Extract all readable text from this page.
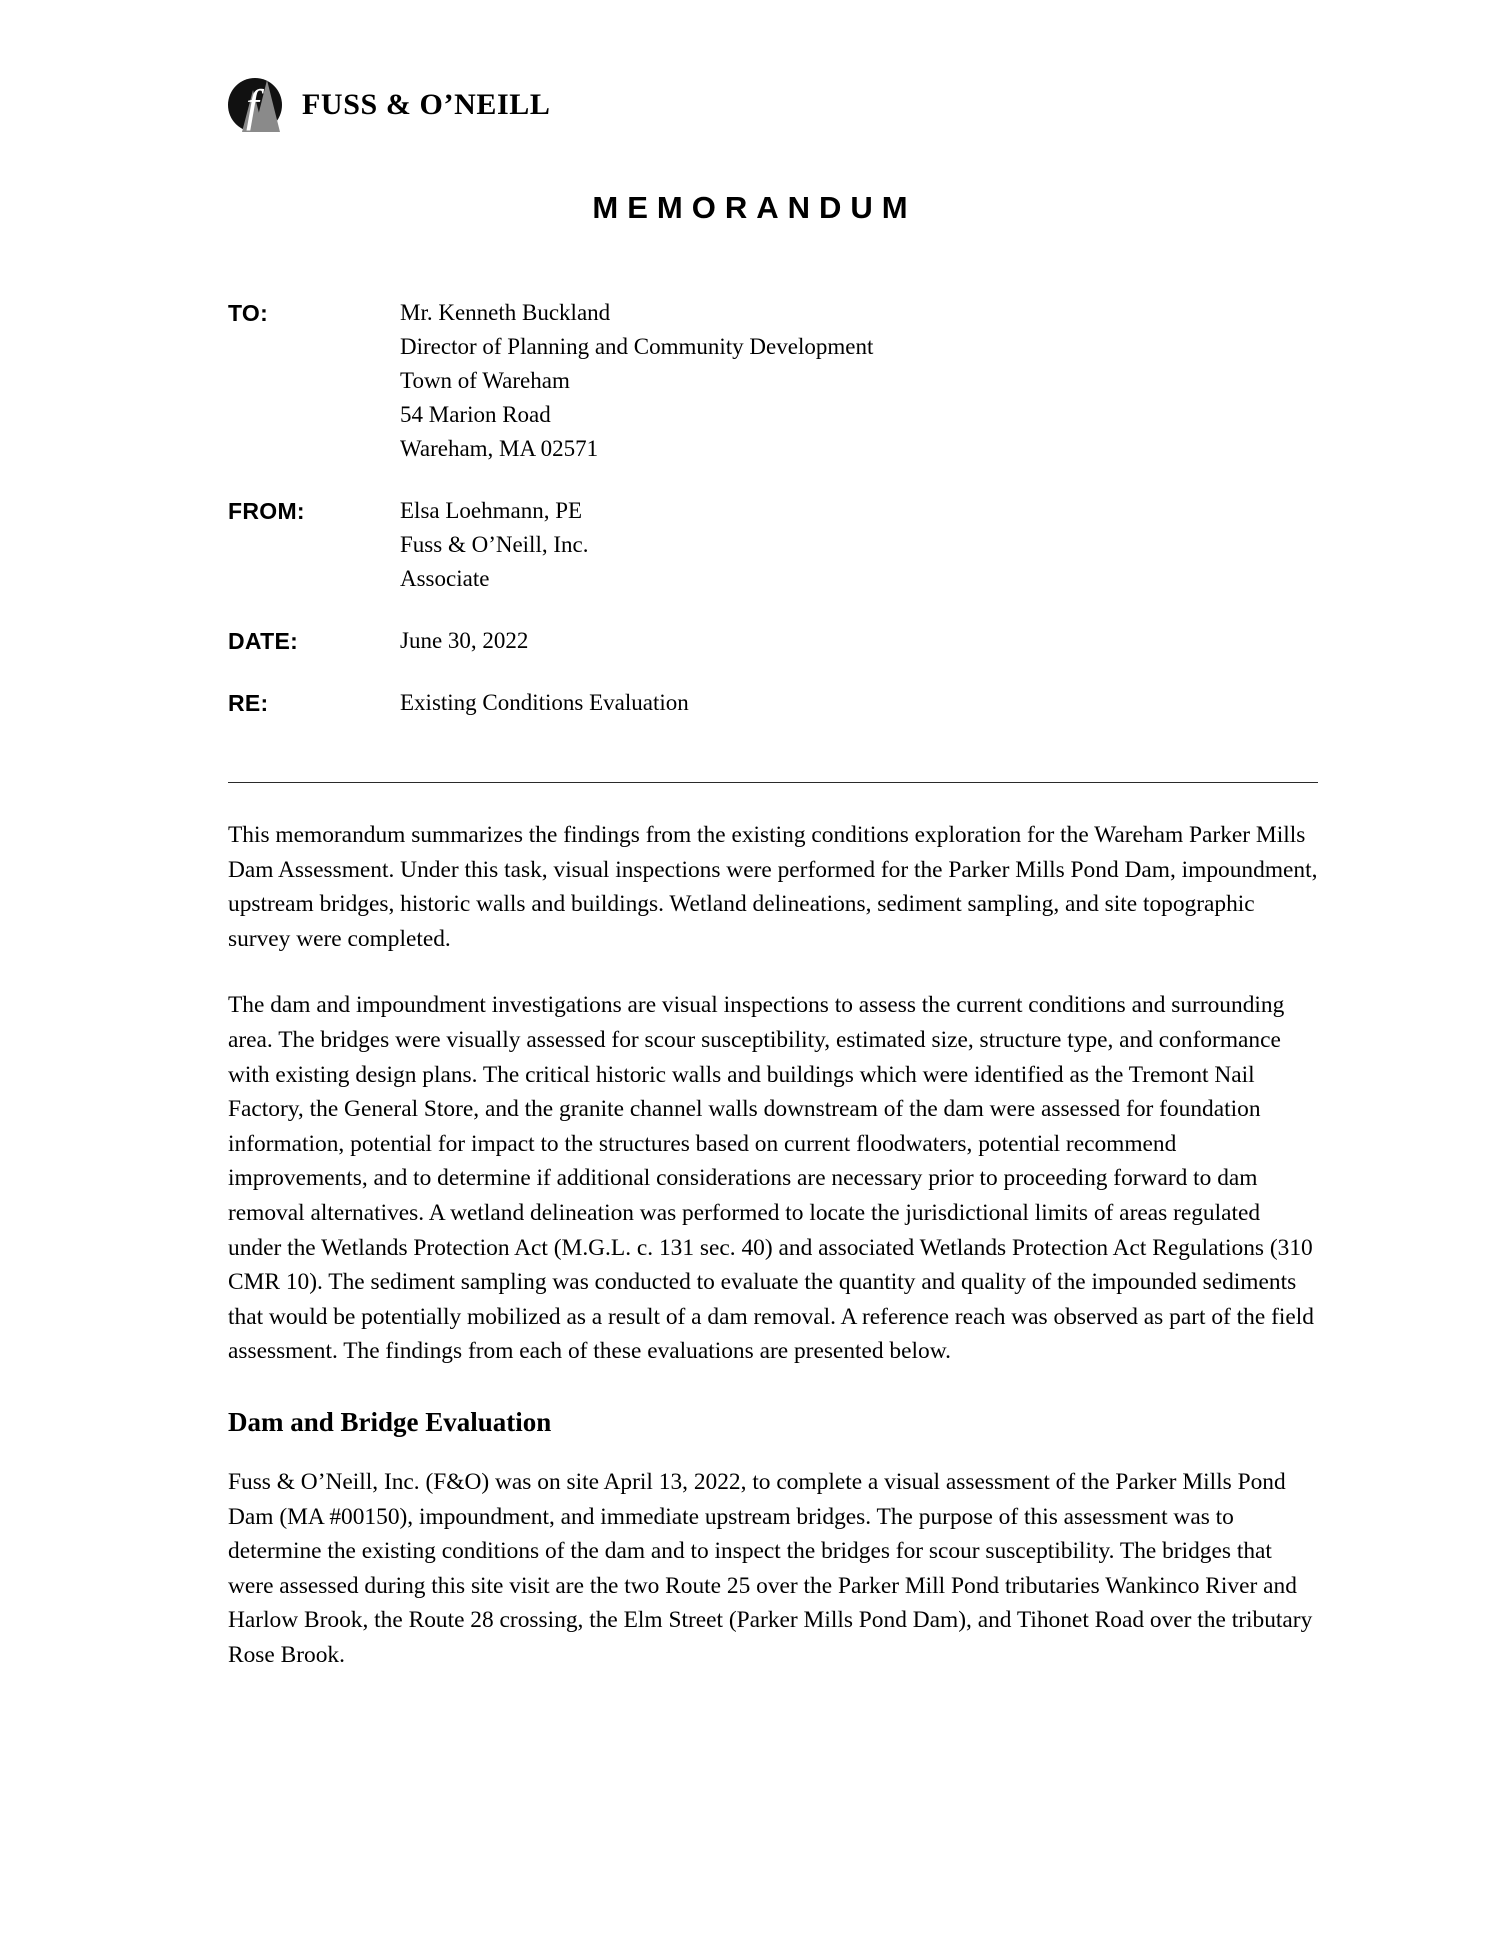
f FUSS & O’NEILL
MEMORANDUM
TO:	Mr. Kenneth Buckland
Director of Planning and Community Development
Town of Wareham
54 Marion Road
Wareham, MA 02571
FROM:	Elsa Loehmann, PE
Fuss & O’Neill, Inc.
Associate
DATE:	June 30, 2022
RE:	Existing Conditions Evaluation

This memorandum summarizes the findings from the existing conditions exploration for the Wareham Parker Mills Dam Assessment. Under this task, visual inspections were performed for the Parker Mills Pond Dam, impoundment, upstream bridges, historic walls and buildings. Wetland delineations, sediment sampling, and site topographic survey were completed.

The dam and impoundment investigations are visual inspections to assess the current conditions and surrounding area. The bridges were visually assessed for scour susceptibility, estimated size, structure type, and conformance with existing design plans. The critical historic walls and buildings which were identified as the Tremont Nail Factory, the General Store, and the granite channel walls downstream of the dam were assessed for foundation information, potential for impact to the structures based on current floodwaters, potential recommend improvements, and to determine if additional considerations are necessary prior to proceeding forward to dam removal alternatives. A wetland delineation was performed to locate the jurisdictional limits of areas regulated under the Wetlands Protection Act (M.G.L. c. 131 sec. 40) and associated Wetlands Protection Act Regulations (310 CMR 10). The sediment sampling was conducted to evaluate the quantity and quality of the impounded sediments that would be potentially mobilized as a result of a dam removal. A reference reach was observed as part of the field assessment. The findings from each of these evaluations are presented below.

Dam and Bridge Evaluation

Fuss & O’Neill, Inc. (F&O) was on site April 13, 2022, to complete a visual assessment of the Parker Mills Pond Dam (MA #00150), impoundment, and immediate upstream bridges. The purpose of this assessment was to determine the existing conditions of the dam and to inspect the bridges for scour susceptibility. The bridges that were assessed during this site visit are the two Route 25 over the Parker Mill Pond tributaries Wankinco River and Harlow Brook, the Route 28 crossing, the Elm Street (Parker Mills Pond Dam), and Tihonet Road over the tributary Rose Brook.
